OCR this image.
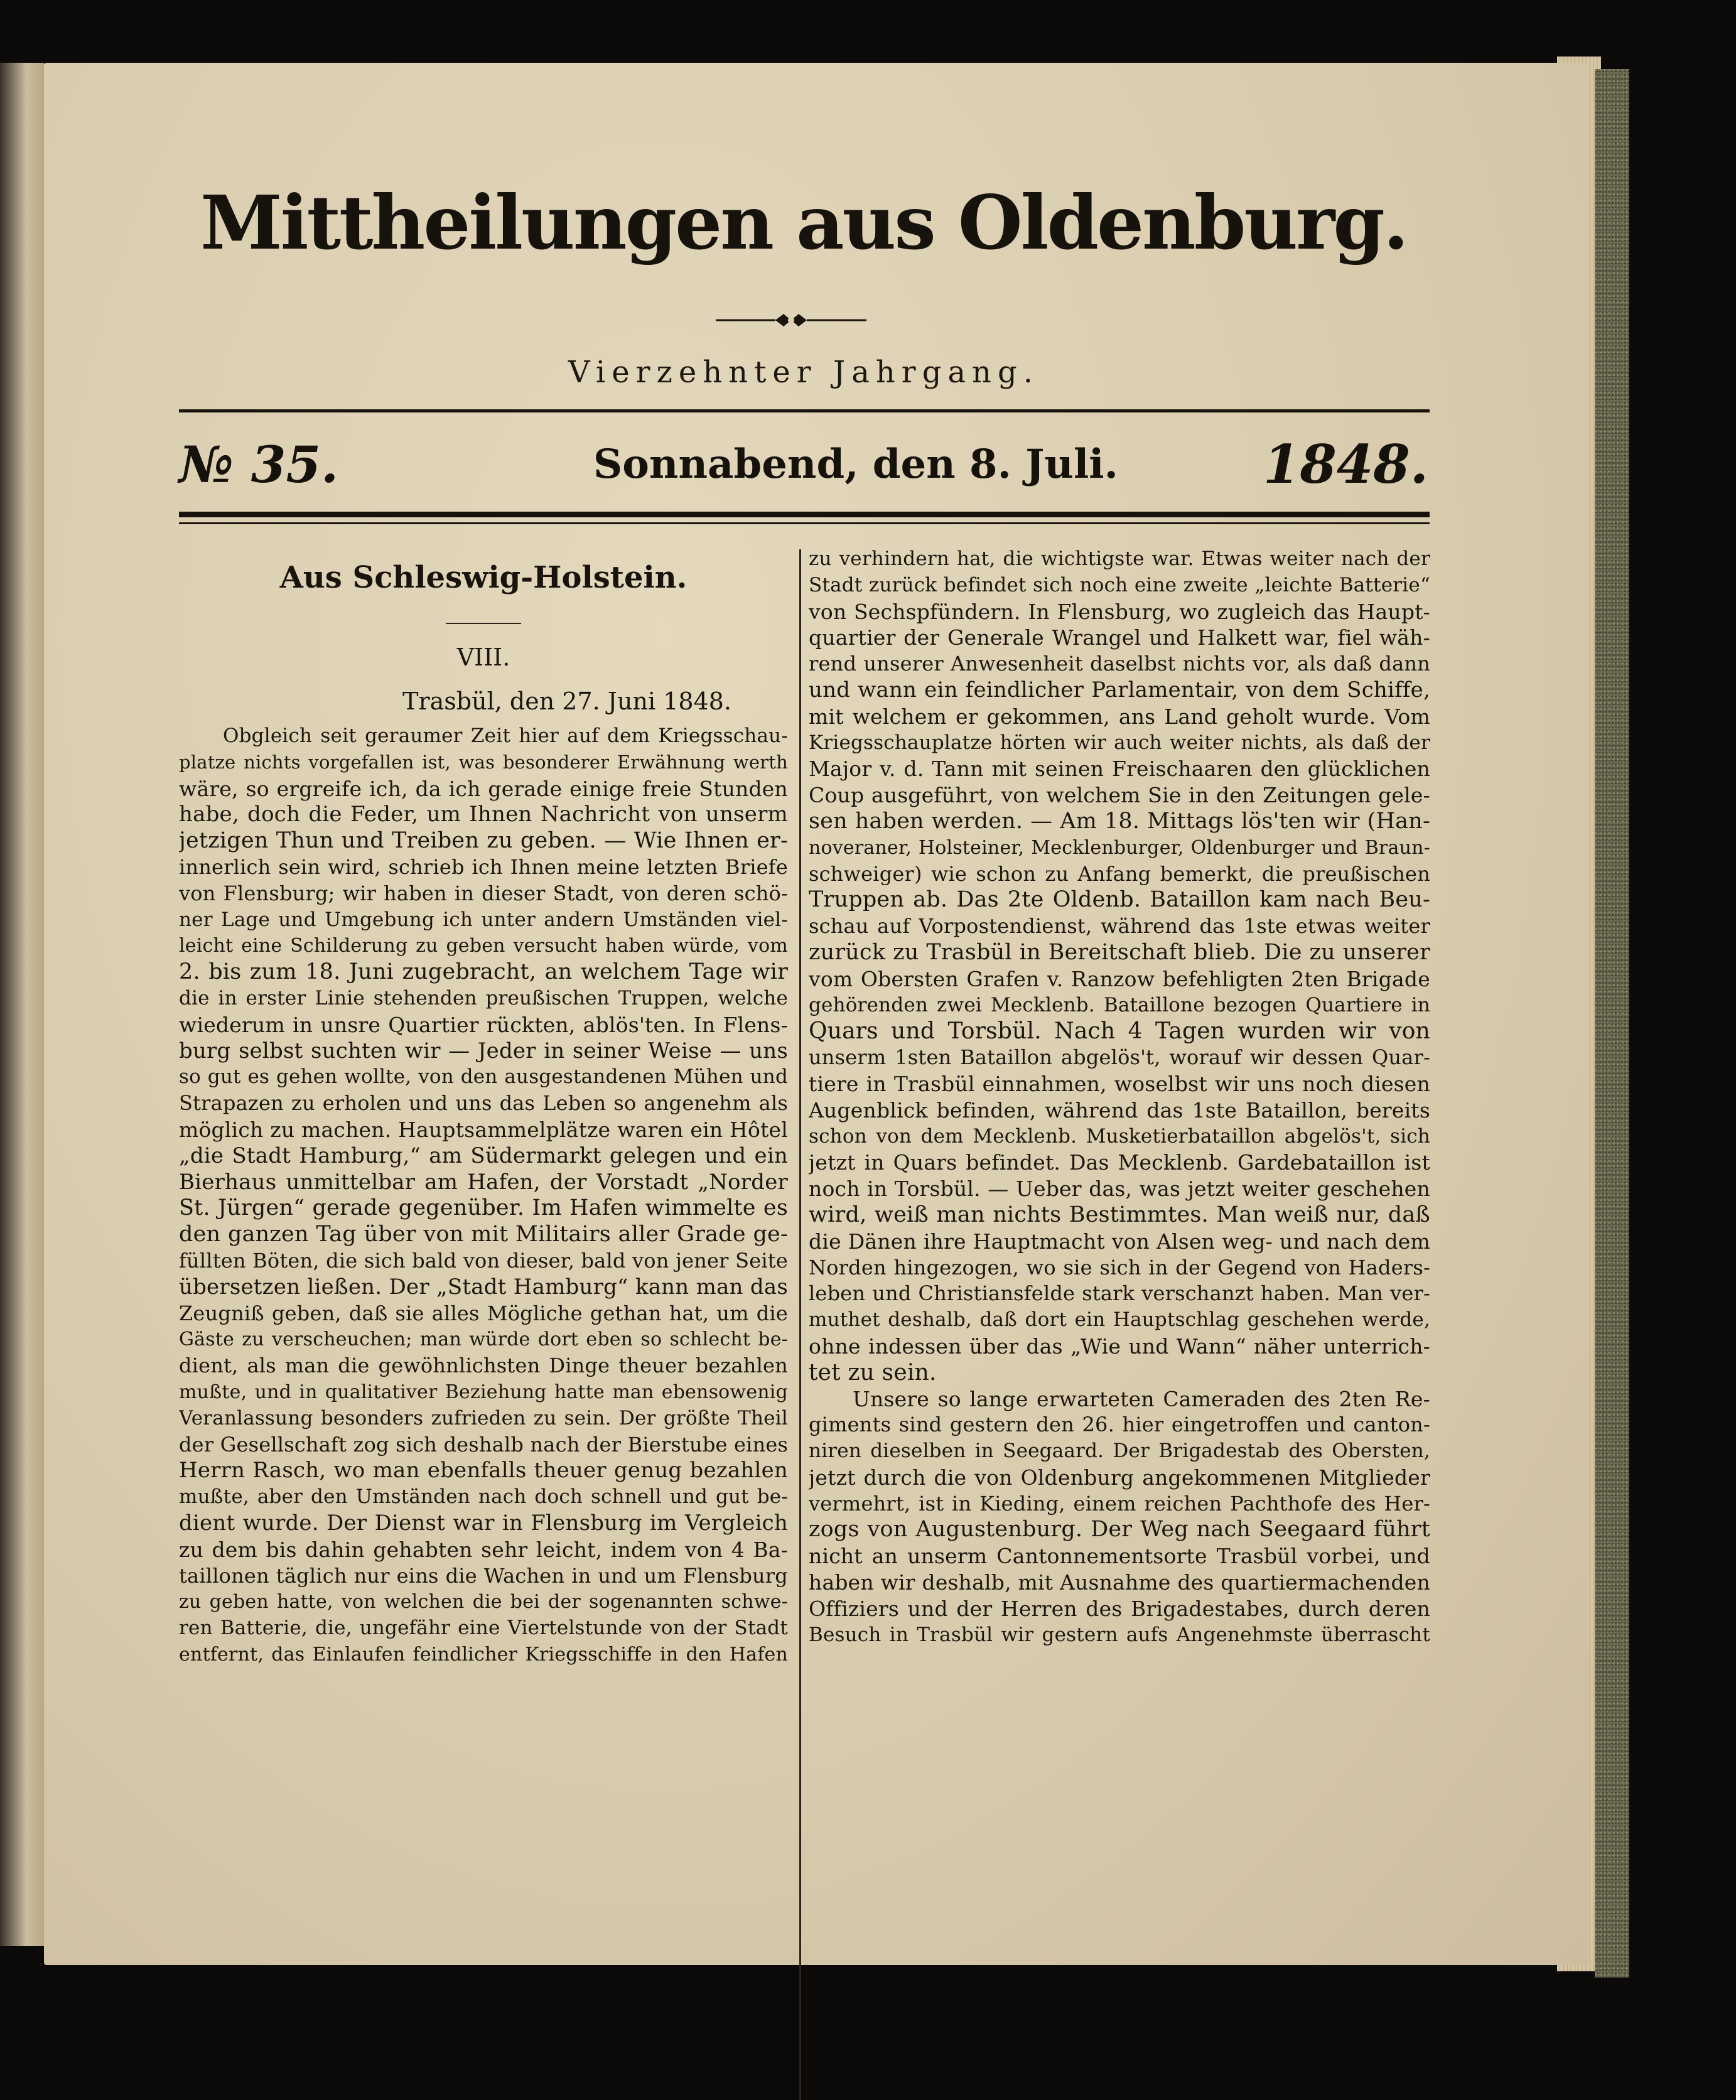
Mittheilungen aus Oldenburg.
Vierzehnter Jahrgang.
№ 35.	Sonnabend, den 8. Juli.	1848.

Aus Schleswig-Holstein.

VIII.

Trasbül, den 27. Juni 1848.

Obgleich seit geraumer Zeit hier auf dem Kriegsschau-
platze nichts vorgefallen ist, was besonderer Erwähnung werth
wäre, so ergreife ich, da ich gerade einige freie Stunden
habe, doch die Feder, um Ihnen Nachricht von unserm
jetzigen Thun und Treiben zu geben. — Wie Ihnen er-
innerlich sein wird, schrieb ich Ihnen meine letzten Briefe
von Flensburg; wir haben in dieser Stadt, von deren schö-
ner Lage und Umgebung ich unter andern Umständen viel-
leicht eine Schilderung zu geben versucht haben würde, vom
2. bis zum 18. Juni zugebracht, an welchem Tage wir
die in erster Linie stehenden preußischen Truppen, welche
wiederum in unsre Quartier rückten, ablös'ten. In Flens-
burg selbst suchten wir — Jeder in seiner Weise — uns
so gut es gehen wollte, von den ausgestandenen Mühen und
Strapazen zu erholen und uns das Leben so angenehm als
möglich zu machen. Hauptsammelplätze waren ein Hôtel
„die Stadt Hamburg,“ am Südermarkt gelegen und ein
Bierhaus unmittelbar am Hafen, der Vorstadt „Norder
St. Jürgen“ gerade gegenüber. Im Hafen wimmelte es
den ganzen Tag über von mit Militairs aller Grade ge-
füllten Böten, die sich bald von dieser, bald von jener Seite
übersetzen ließen. Der „Stadt Hamburg“ kann man das
Zeugniß geben, daß sie alles Mögliche gethan hat, um die
Gäste zu verscheuchen; man würde dort eben so schlecht be-
dient, als man die gewöhnlichsten Dinge theuer bezahlen
mußte, und in qualitativer Beziehung hatte man ebensowenig
Veranlassung besonders zufrieden zu sein. Der größte Theil
der Gesellschaft zog sich deshalb nach der Bierstube eines
Herrn Rasch, wo man ebenfalls theuer genug bezahlen
mußte, aber den Umständen nach doch schnell und gut be-
dient wurde. Der Dienst war in Flensburg im Vergleich
zu dem bis dahin gehabten sehr leicht, indem von 4 Ba-
taillonen täglich nur eins die Wachen in und um Flensburg
zu geben hatte, von welchen die bei der sogenannten schwe-
ren Batterie, die, ungefähr eine Viertelstunde von der Stadt
entfernt, das Einlaufen feindlicher Kriegsschiffe in den Hafen
zu verhindern hat, die wichtigste war. Etwas weiter nach der
Stadt zurück befindet sich noch eine zweite „leichte Batterie“
von Sechspfündern. In Flensburg, wo zugleich das Haupt-
quartier der Generale Wrangel und Halkett war, fiel wäh-
rend unserer Anwesenheit daselbst nichts vor, als daß dann
und wann ein feindlicher Parlamentair, von dem Schiffe,
mit welchem er gekommen, ans Land geholt wurde. Vom
Kriegsschauplatze hörten wir auch weiter nichts, als daß der
Major v. d. Tann mit seinen Freischaaren den glücklichen
Coup ausgeführt, von welchem Sie in den Zeitungen gele-
sen haben werden. — Am 18. Mittags lös'ten wir (Han-
noveraner, Holsteiner, Mecklenburger, Oldenburger und Braun-
schweiger) wie schon zu Anfang bemerkt, die preußischen
Truppen ab. Das 2te Oldenb. Bataillon kam nach Beu-
schau auf Vorpostendienst, während das 1ste etwas weiter
zurück zu Trasbül in Bereitschaft blieb. Die zu unserer
vom Obersten Grafen v. Ranzow befehligten 2ten Brigade
gehörenden zwei Mecklenb. Bataillone bezogen Quartiere in
Quars und Torsbül. Nach 4 Tagen wurden wir von
unserm 1sten Bataillon abgelös't, worauf wir dessen Quar-
tiere in Trasbül einnahmen, woselbst wir uns noch diesen
Augenblick befinden, während das 1ste Bataillon, bereits
schon von dem Mecklenb. Musketierbataillon abgelös't, sich
jetzt in Quars befindet. Das Mecklenb. Gardebataillon ist
noch in Torsbül. — Ueber das, was jetzt weiter geschehen
wird, weiß man nichts Bestimmtes. Man weiß nur, daß
die Dänen ihre Hauptmacht von Alsen weg- und nach dem
Norden hingezogen, wo sie sich in der Gegend von Haders-
leben und Christiansfelde stark verschanzt haben. Man ver-
muthet deshalb, daß dort ein Hauptschlag geschehen werde,
ohne indessen über das „Wie und Wann“ näher unterrich-
tet zu sein.
Unsere so lange erwarteten Cameraden des 2ten Re-
giments sind gestern den 26. hier eingetroffen und canton-
niren dieselben in Seegaard. Der Brigadestab des Obersten,
jetzt durch die von Oldenburg angekommenen Mitglieder
vermehrt, ist in Kieding, einem reichen Pachthofe des Her-
zogs von Augustenburg. Der Weg nach Seegaard führt
nicht an unserm Cantonnementsorte Trasbül vorbei, und
haben wir deshalb, mit Ausnahme des quartiermachenden
Offiziers und der Herren des Brigadestabes, durch deren
Besuch in Trasbül wir gestern aufs Angenehmste überrascht
